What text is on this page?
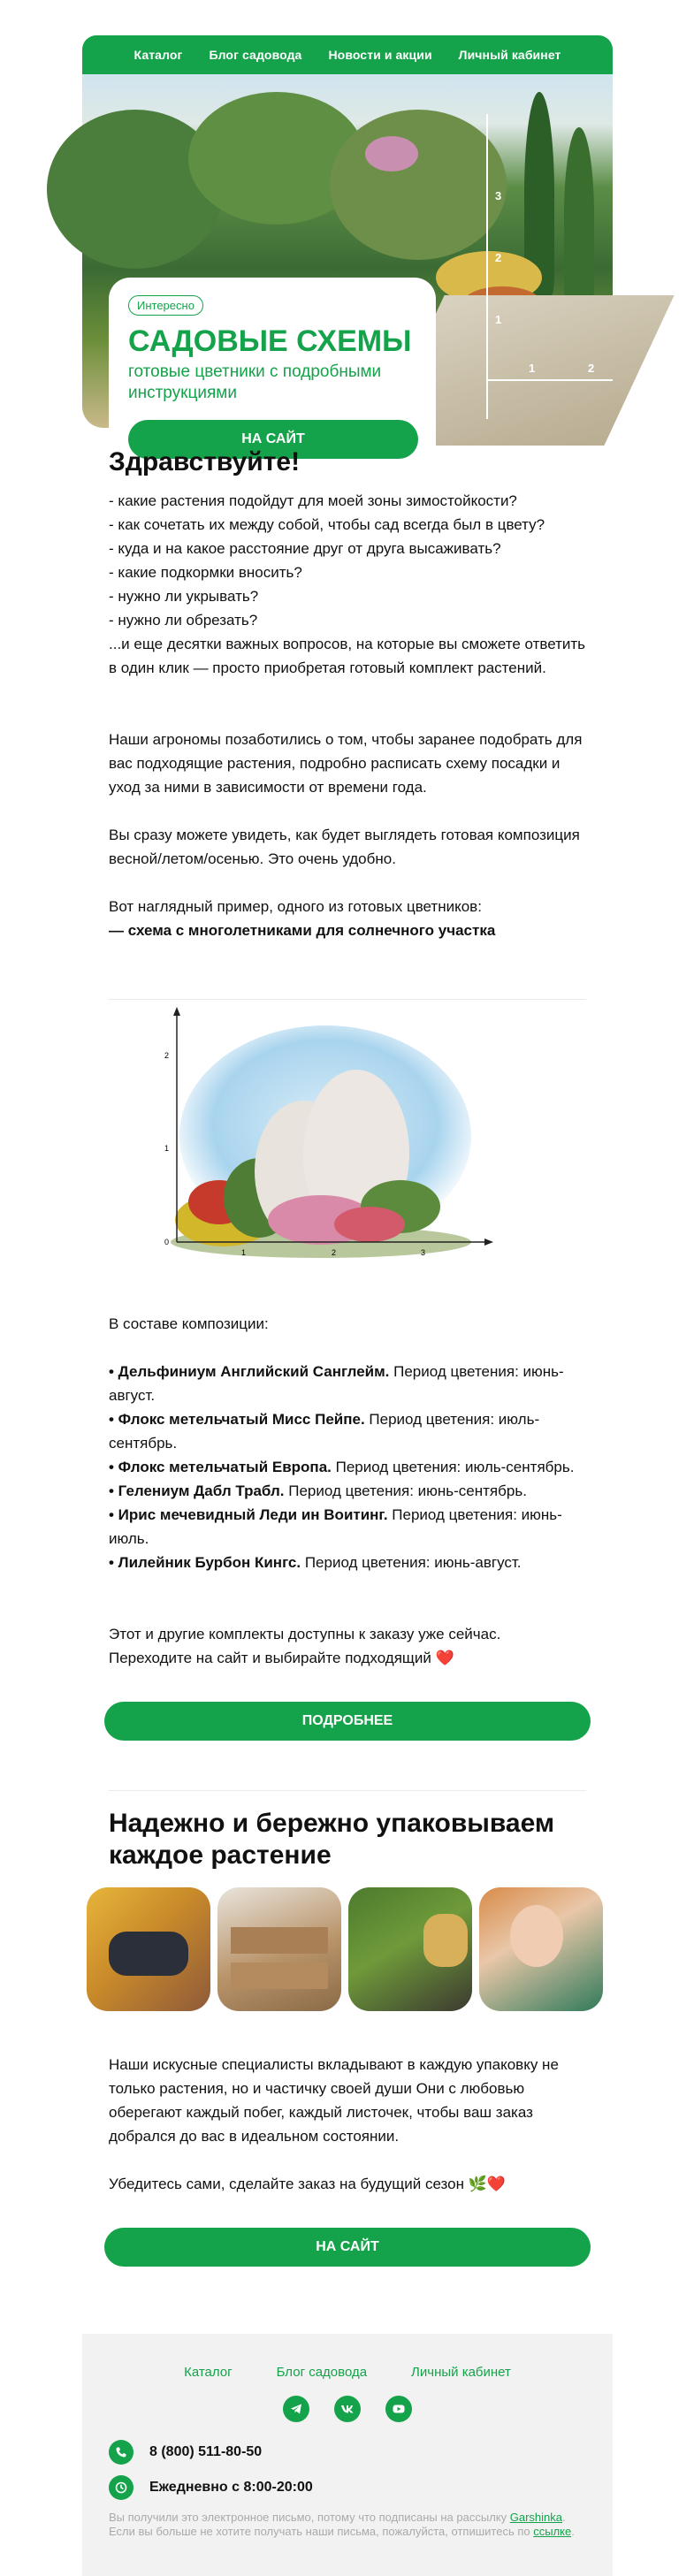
Каталог	Блог садовода	Новости и акции	Личный кабинет
3
2
1
1	2
Интересно
САДОВЫЕ СХЕМЫ
готовые цветники с подробными инструкциями
НА САЙТ
Здравствуйте!
- какие растения подойдут для моей зоны зимостойкости?
- как сочетать их между собой, чтобы сад всегда был в цвету?
- куда и на какое расстояние друг от друга высаживать?
- какие подкормки вносить?
- нужно ли укрывать?
- нужно ли обрезать?
...и еще десятки важных вопросов, на которые вы сможете ответить в один клик — просто приобретая готовый комплект растений.
Наши агрономы позаботились о том, чтобы заранее подобрать для вас подходящие растения, подробно расписать схему посадки и уход за ними в зависимости от времени года.
Вы сразу можете увидеть, как будет выглядеть готовая композиция весной/летом/осенью. Это очень удобно.
Вот наглядный пример, одного из готовых цветников:
— схема с многолетниками для солнечного участка
2
1
0
1	2	3
В составе композиции:
• Дельфиниум Английский Санглейм. Период цветения: июнь-август.
• Флокс метельчатый Мисс Пейпе. Период цветения: июль-сентябрь.
• Флокс метельчатый Европа. Период цветения: июль-сентябрь.
• Гелениум Дабл Трабл. Период цветения: июнь-сентябрь.
• Ирис мечевидный Леди ин Воитинг. Период цветения: июнь-июль.
• Лилейник Бурбон Кингс. Период цветения: июнь-август.
Этот и другие комплекты доступны к заказу уже сейчас. Переходите на сайт и выбирайте подходящий ❤️
ПОДРОБНЕЕ
Надежно и бережно упаковываем каждое растение
Наши искусные специалисты вкладывают в каждую упаковку не только растения, но и частичку своей души Они с любовью оберегают каждый побег, каждый листочек, чтобы ваш заказ добрался до вас в идеальном состоянии.
Убедитесь сами, сделайте заказ на будущий сезон 🌿❤️
НА САЙТ
Каталог	Блог садовода	Личный кабинет
8 (800) 511-80-50
Ежедневно с 8:00-20:00
Вы получили это электронное письмо, потому что подписаны на рассылку Garshinka. Если вы больше не хотите получать наши письма, пожалуйста, отпишитесь по ссылке.
